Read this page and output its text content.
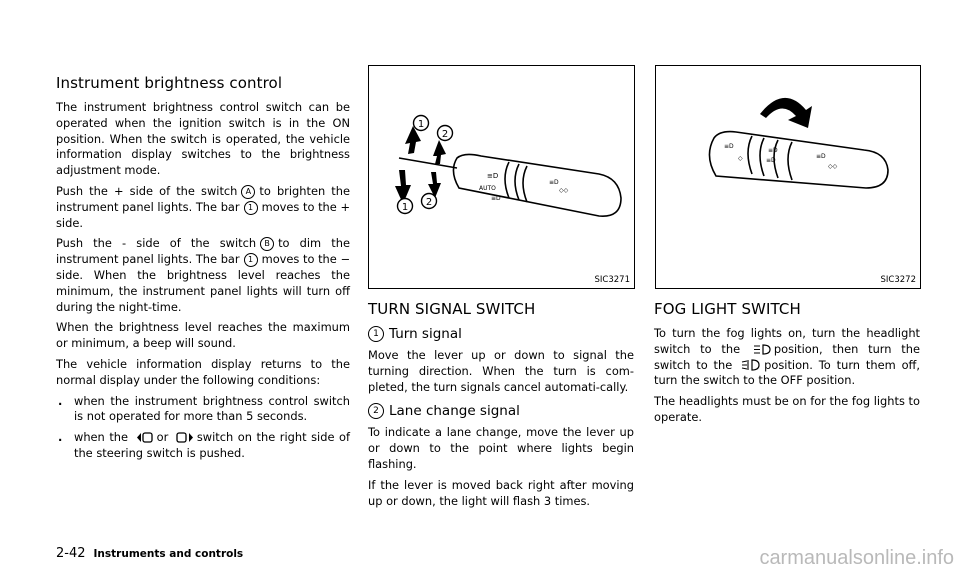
Instrument brightness control

The instrument brightness control switch can be operated when the ignition switch is in the ON position. When the switch is operated, the vehicle information display switches to the brightness adjustment mode.

Push the + side of the switch A to brighten the instrument panel lights. The bar 1 moves to the + side.

Push the - side of the switch B to dim the instrument panel lights. The bar 1 moves to the − side. When the brightness level reaches the minimum, the instrument panel lights will turn off during the night-time.

When the brightness level reaches the maximum or minimum, a beep will sound.

The vehicle information display returns to the normal display under the following conditions:

.	when the instrument brightness control switch is not operated for more than 5 seconds.
.	when the	or	switch on the right side of the steering switch is pushed.
≡D
AUTO
≡D
≡D
◇◇
1
2
1 2
SIC3271
≡D
◇
≡D
≡D
≡D
◇◇
SIC3272
TURN SIGNAL SWITCH
1 Turn signal

Move the lever up or down to signal the turning direction. When the turn is com-pleted, the turn signals cancel automati-cally.

2 Lane change signal

To indicate a lane change, move the lever up or down to the point where lights begin flashing.

If the lever is moved back right after moving up or down, the light will flash 3 times.

FOG LIGHT SWITCH

To turn the fog lights on, turn the headlight switch to the	position, then turn the switch to the	position. To turn them off, turn the switch to the OFF position.

The headlights must be on for the fog lights to operate.

2-42 Instruments and controls	carmanualsonline.info
